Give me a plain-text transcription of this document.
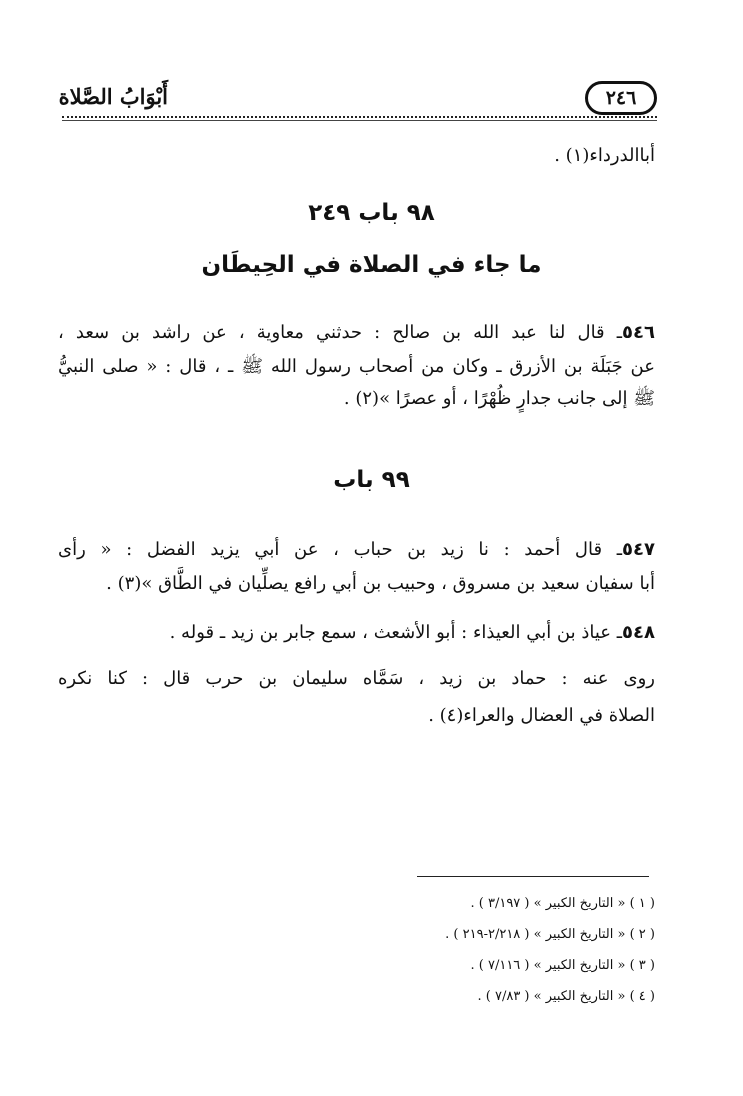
أَبْوَابُ الصَّلاة	٢٤٦
أباالدرداء(١) .
٩٨ باب ٢٤٩
ما جاء في الصلاة في الحِيطَان
٥٤٦ـ قال لنا عبد الله بن صالح : حدثني معاوية ، عن راشد بن سعد ،
عن جَبَلَة بن الأزرق ـ وكان من أصحاب رسول الله ﷺ ـ ، قال : « صلى النبيُّ
ﷺ إلى جانب جدارٍ ظُهْرًا ، أو عصرًا »(٢) .
٩٩ باب
٥٤٧ـ قال أحمد : نا زيد بن حباب ، عن أبي يزيد الفضل : « رأى
أبا سفيان سعيد بن مسروق ، وحبيب بن أبي رافع يصلِّيان في الطَّاق »(٣) .
٥٤٨ـ عياذ بن أبي العيذاء : أبو الأشعث ، سمع جابر بن زيد ـ قوله .
روى عنه : حماد بن زيد ، سَمَّاه سليمان بن حرب قال : كنا نكره
الصلاة في العضال والعراء(٤) .
( ١ ) « التاريخ الكبير » ( ٣/١٩٧ ) .
( ٢ ) « التاريخ الكبير » ( ٢/٢١٨-٢١٩ ) .
( ٣ ) « التاريخ الكبير » ( ٧/١١٦ ) .
( ٤ ) « التاريخ الكبير » ( ٧/٨٣ ) .
